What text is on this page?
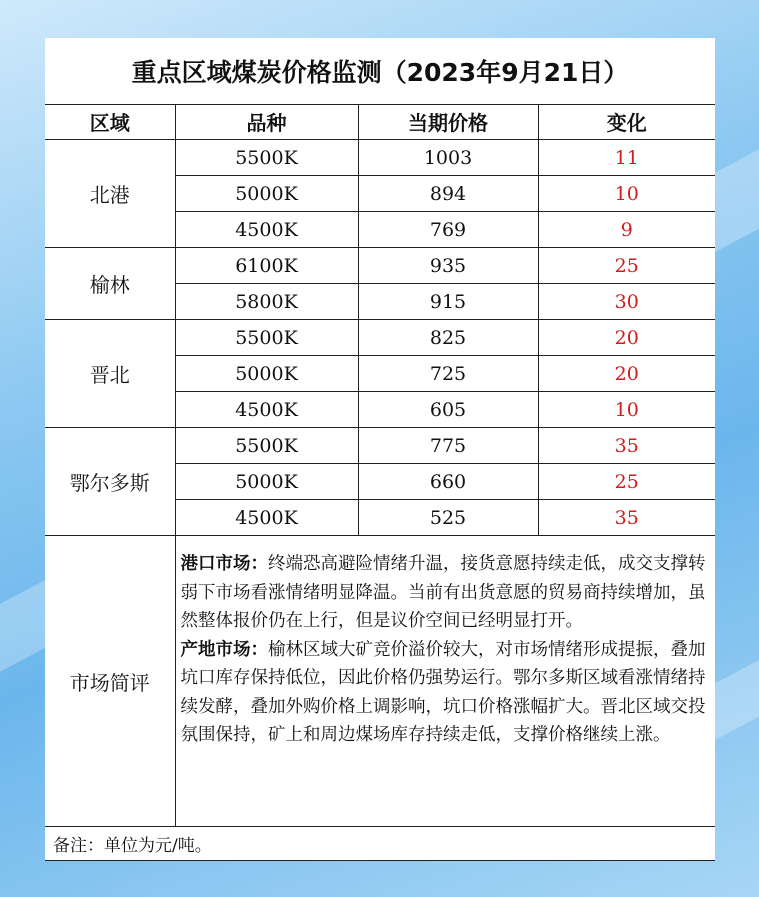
重点区域煤炭价格监测（2023年9月21日）
区域	品种	当期价格	变化
北港	5500K	1003	11
	5000K	894	10
	4500K	769	9
榆林	6100K	935	25
	5800K	915	30
晋北	5500K	825	20
	5000K	725	20
	4500K	605	10
鄂尔多斯	5500K	775	35
	5000K	660	25
	4500K	525	35
市场简评	港口市场：终端恐高避险情绪升温，接货意愿持续走低，成交支撑转弱下市场看涨情绪明显降温。当前有出货意愿的贸易商持续增加，虽然整体报价仍在上行，但是议价空间已经明显打开。
产地市场：榆林区域大矿竞价溢价较大，对市场情绪形成提振，叠加坑口库存保持低位，因此价格仍强势运行。鄂尔多斯区域看涨情绪持续发酵，叠加外购价格上调影响，坑口价格涨幅扩大。晋北区域交投氛围保持，矿上和周边煤场库存持续走低，支撑价格继续上涨。		

备注：单位为元/吨。			
